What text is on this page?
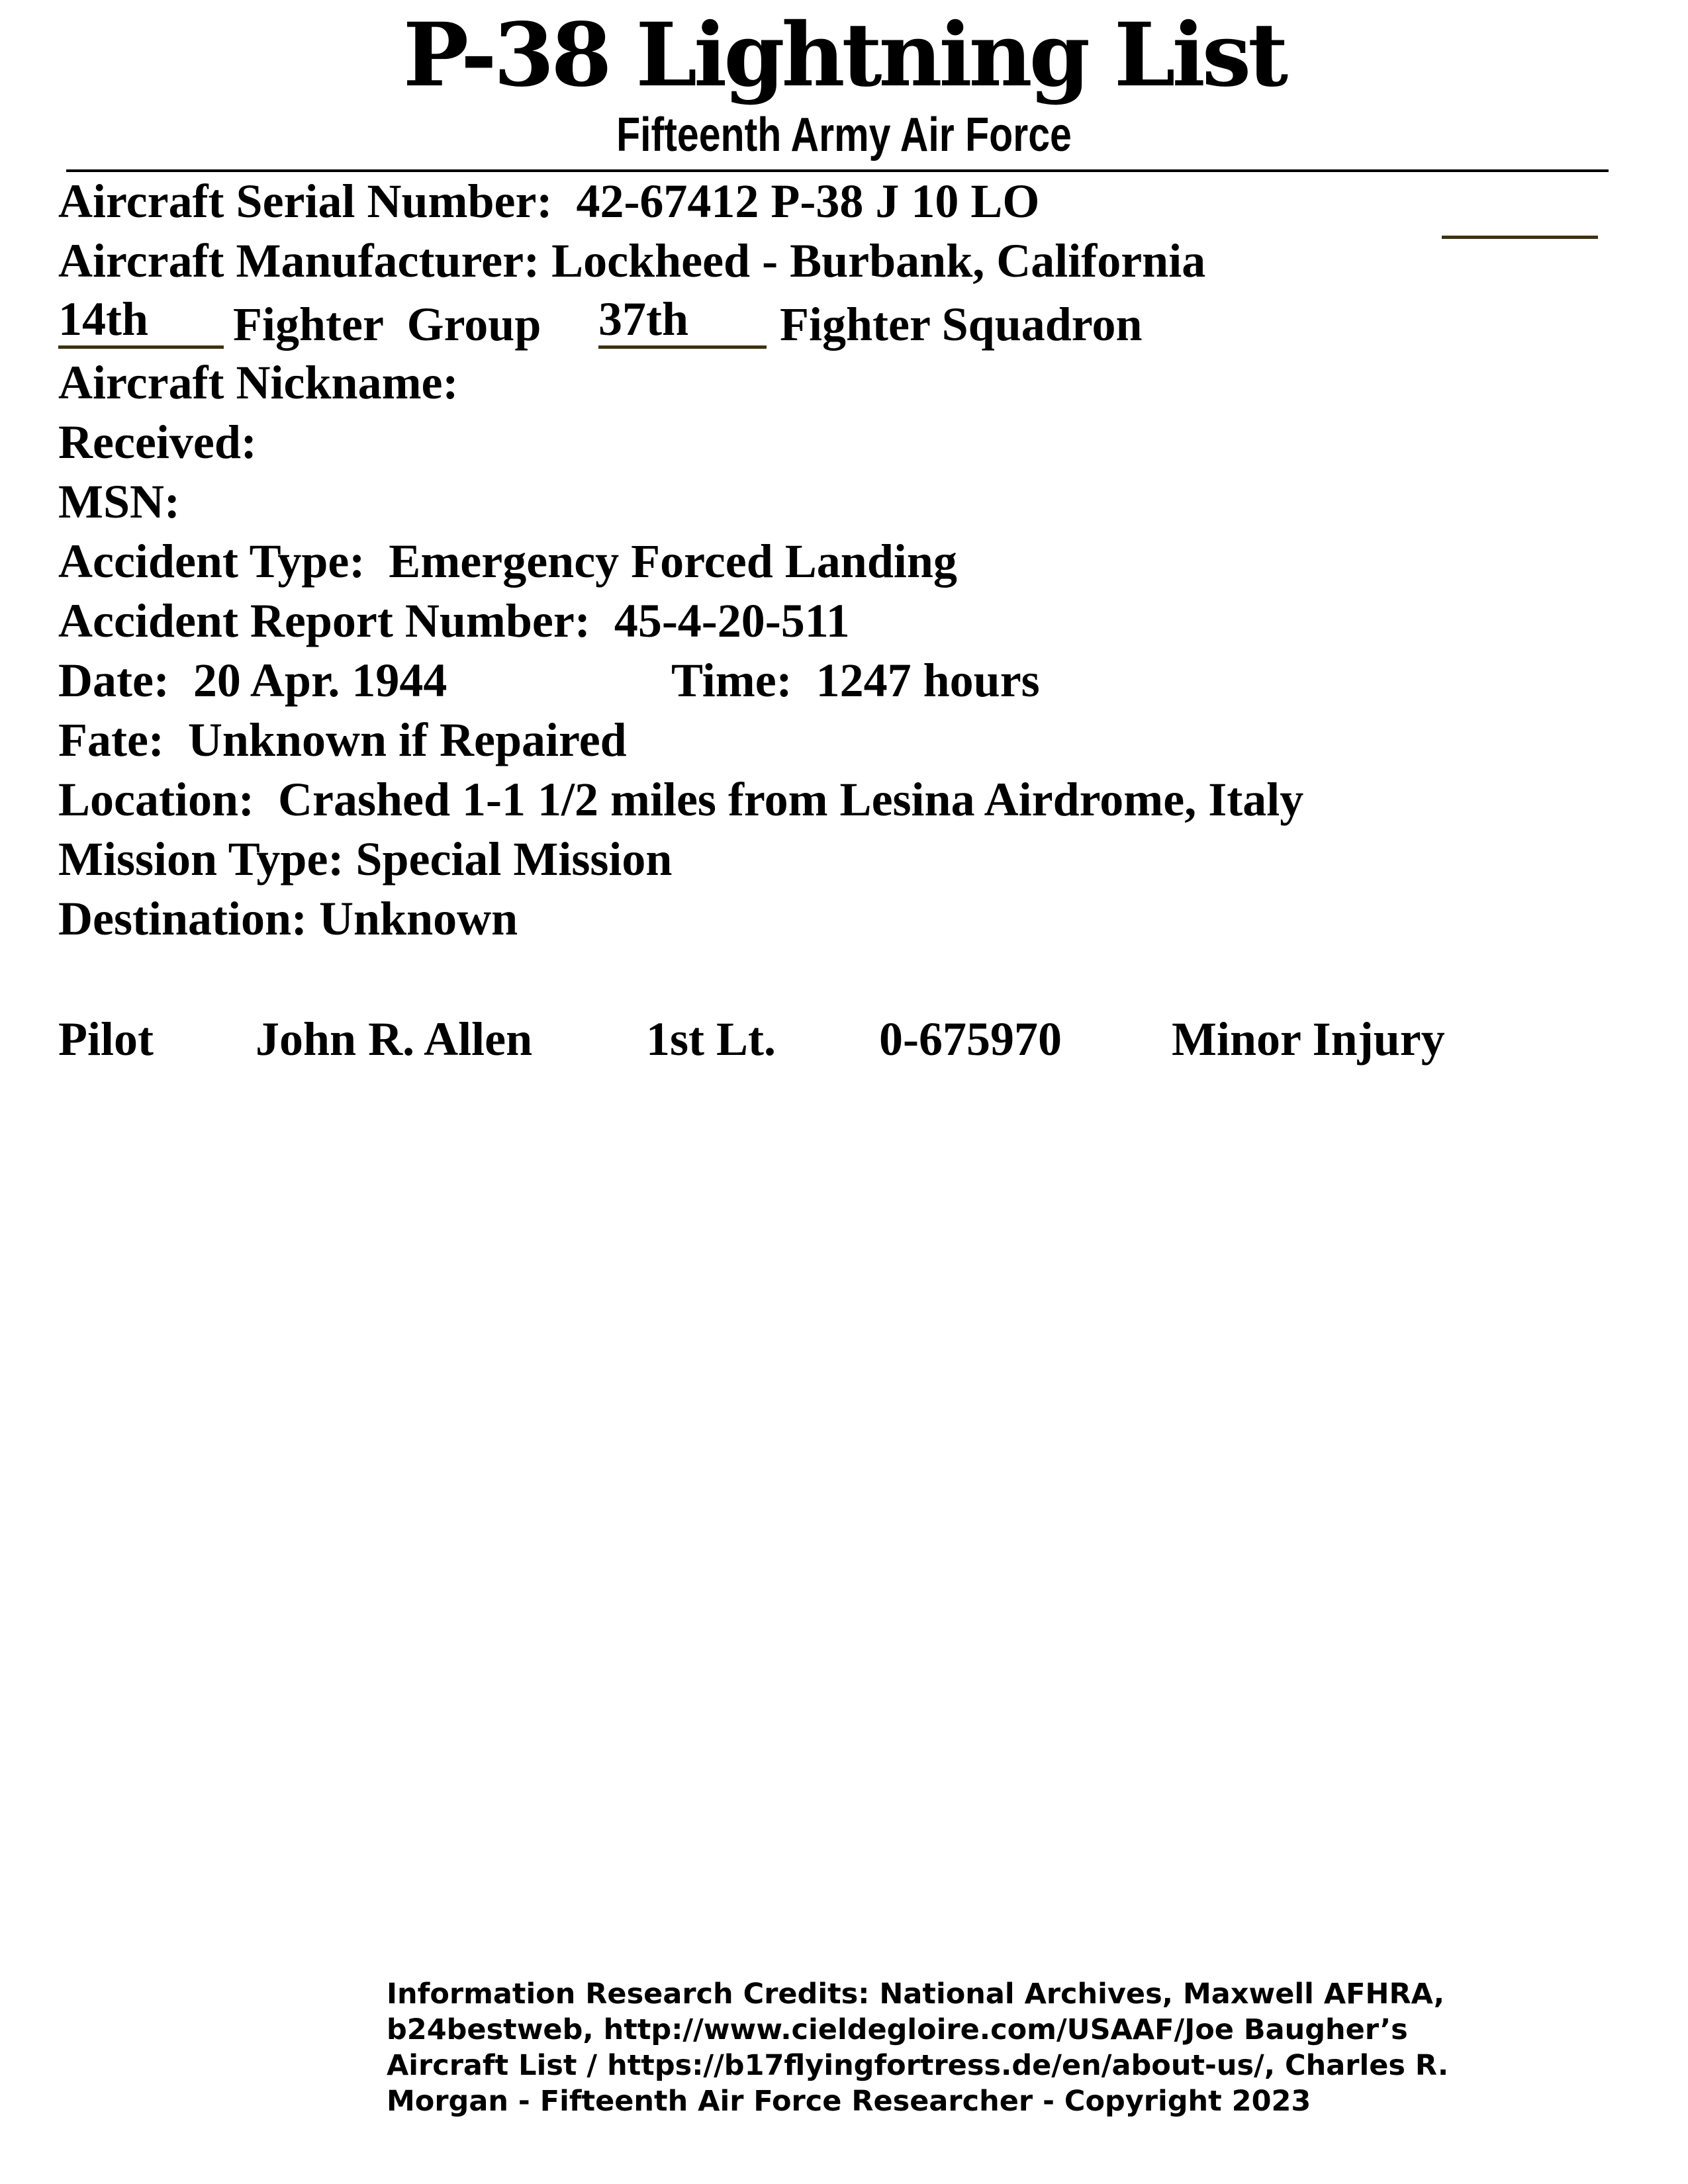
P-38 Lightning List
Fifteenth Army Air Force
Aircraft Serial Number: 42-67412 P-38 J 10 LO
Aircraft Manufacturer: Lockheed - Burbank, California
14th Fighter  Group 37th Fighter Squadron
Aircraft Nickname:
Received:
MSN:
Accident Type: Emergency Forced Landing
Accident Report Number: 45-4-20-511
Date: 20 Apr. 1944	Time: 1247 hours
Fate: Unknown if Repaired
Location: Crashed 1-1 1/2 miles from Lesina Airdrome, Italy
Mission Type: Special Mission
Destination: Unknown
Pilot John R. Allen 1st Lt. 0-675970 Minor Injury
Information Research Credits: National Archives, Maxwell AFHRA,
b24bestweb, http://www.cieldegloire.com/USAAF/Joe Baugher’s
Aircraft List / https://b17flyingfortress.de/en/about-us/, Charles R.
Morgan - Fifteenth Air Force Researcher - Copyright 2023
